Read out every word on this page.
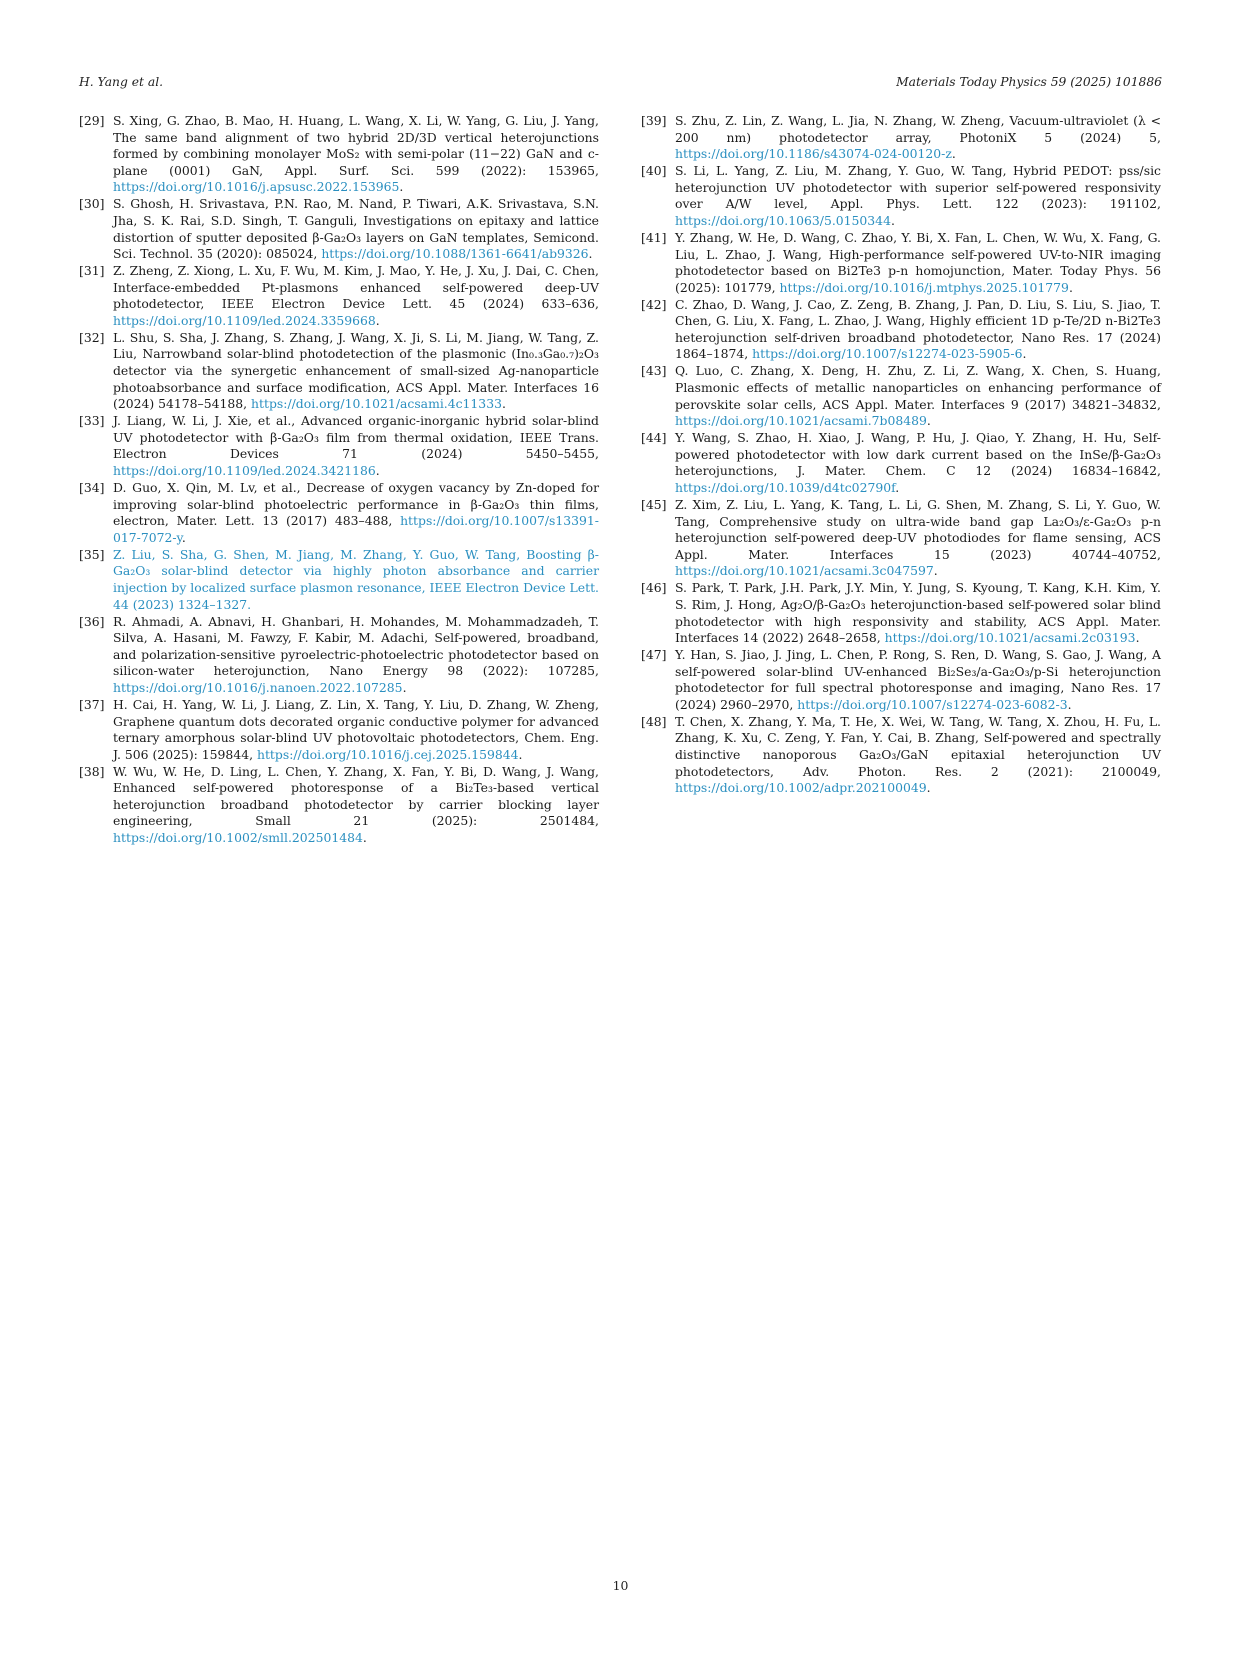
H. Yang et al.	Materials Today Physics 59 (2025) 101886
[29] S. Xing, G. Zhao, B. Mao, H. Huang, L. Wang, X. Li, W. Yang, G. Liu, J. Yang, The same band alignment of two hybrid 2D/3D vertical heterojunctions formed by combining monolayer MoS₂ with semi-polar (11−22) GaN and c-plane (0001) GaN, Appl. Surf. Sci. 599 (2022): 153965, https://doi.org/10.1016/j.apsusc.2022.153965.
[30] S. Ghosh, H. Srivastava, P.N. Rao, M. Nand, P. Tiwari, A.K. Srivastava, S.N. Jha, S. K. Rai, S.D. Singh, T. Ganguli, Investigations on epitaxy and lattice distortion of sputter deposited β-Ga₂O₃ layers on GaN templates, Semicond. Sci. Technol. 35 (2020): 085024, https://doi.org/10.1088/1361-6641/ab9326.
[31] Z. Zheng, Z. Xiong, L. Xu, F. Wu, M. Kim, J. Mao, Y. He, J. Xu, J. Dai, C. Chen, Interface-embedded Pt-plasmons enhanced self-powered deep-UV photodetector, IEEE Electron Device Lett. 45 (2024) 633–636, https://doi.org/10.1109/led.2024.3359668.
[32] L. Shu, S. Sha, J. Zhang, S. Zhang, J. Wang, X. Ji, S. Li, M. Jiang, W. Tang, Z. Liu, Narrowband solar-blind photodetection of the plasmonic (In₀.₃Ga₀.₇)₂O₃ detector via the synergetic enhancement of small-sized Ag-nanoparticle photoabsorbance and surface modification, ACS Appl. Mater. Interfaces 16 (2024) 54178–54188, https://doi.org/10.1021/acsami.4c11333.
[33] J. Liang, W. Li, J. Xie, et al., Advanced organic-inorganic hybrid solar-blind UV photodetector with β-Ga₂O₃ film from thermal oxidation, IEEE Trans. Electron Devices 71 (2024) 5450–5455, https://doi.org/10.1109/led.2024.3421186.
[34] D. Guo, X. Qin, M. Lv, et al., Decrease of oxygen vacancy by Zn-doped for improving solar-blind photoelectric performance in β-Ga₂O₃ thin films, electron, Mater. Lett. 13 (2017) 483–488, https://doi.org/10.1007/s13391-017-7072-y.
[35] Z. Liu, S. Sha, G. Shen, M. Jiang, M. Zhang, Y. Guo, W. Tang, Boosting β-Ga₂O₃ solar-blind detector via highly photon absorbance and carrier injection by localized surface plasmon resonance, IEEE Electron Device Lett. 44 (2023) 1324–1327.
[36] R. Ahmadi, A. Abnavi, H. Ghanbari, H. Mohandes, M. Mohammadzadeh, T. Silva, A. Hasani, M. Fawzy, F. Kabir, M. Adachi, Self-powered, broadband, and polarization-sensitive pyroelectric-photoelectric photodetector based on silicon-water heterojunction, Nano Energy 98 (2022): 107285, https://doi.org/10.1016/j.nanoen.2022.107285.
[37] H. Cai, H. Yang, W. Li, J. Liang, Z. Lin, X. Tang, Y. Liu, D. Zhang, W. Zheng, Graphene quantum dots decorated organic conductive polymer for advanced ternary amorphous solar-blind UV photovoltaic photodetectors, Chem. Eng. J. 506 (2025): 159844, https://doi.org/10.1016/j.cej.2025.159844.
[38] W. Wu, W. He, D. Ling, L. Chen, Y. Zhang, X. Fan, Y. Bi, D. Wang, J. Wang, Enhanced self-powered photoresponse of a Bi₂Te₃-based vertical heterojunction broadband photodetector by carrier blocking layer engineering, Small 21 (2025): 2501484, https://doi.org/10.1002/smll.202501484.
[39] S. Zhu, Z. Lin, Z. Wang, L. Jia, N. Zhang, W. Zheng, Vacuum-ultraviolet (λ < 200 nm) photodetector array, PhotoniX 5 (2024) 5, https://doi.org/10.1186/s43074-024-00120-z.
[40] S. Li, L. Yang, Z. Liu, M. Zhang, Y. Guo, W. Tang, Hybrid PEDOT: pss/sic heterojunction UV photodetector with superior self-powered responsivity over A/W level, Appl. Phys. Lett. 122 (2023): 191102, https://doi.org/10.1063/5.0150344.
[41] Y. Zhang, W. He, D. Wang, C. Zhao, Y. Bi, X. Fan, L. Chen, W. Wu, X. Fang, G. Liu, L. Zhao, J. Wang, High-performance self-powered UV-to-NIR imaging photodetector based on Bi2Te3 p-n homojunction, Mater. Today Phys. 56 (2025): 101779, https://doi.org/10.1016/j.mtphys.2025.101779.
[42] C. Zhao, D. Wang, J. Cao, Z. Zeng, B. Zhang, J. Pan, D. Liu, S. Liu, S. Jiao, T. Chen, G. Liu, X. Fang, L. Zhao, J. Wang, Highly efficient 1D p-Te/2D n-Bi2Te3 heterojunction self-driven broadband photodetector, Nano Res. 17 (2024) 1864–1874, https://doi.org/10.1007/s12274-023-5905-6.
[43] Q. Luo, C. Zhang, X. Deng, H. Zhu, Z. Li, Z. Wang, X. Chen, S. Huang, Plasmonic effects of metallic nanoparticles on enhancing performance of perovskite solar cells, ACS Appl. Mater. Interfaces 9 (2017) 34821–34832, https://doi.org/10.1021/acsami.7b08489.
[44] Y. Wang, S. Zhao, H. Xiao, J. Wang, P. Hu, J. Qiao, Y. Zhang, H. Hu, Self-powered photodetector with low dark current based on the InSe/β-Ga₂O₃ heterojunctions, J. Mater. Chem. C 12 (2024) 16834–16842, https://doi.org/10.1039/d4tc02790f.
[45] Z. Xim, Z. Liu, L. Yang, K. Tang, L. Li, G. Shen, M. Zhang, S. Li, Y. Guo, W. Tang, Comprehensive study on ultra-wide band gap La₂O₃/ε-Ga₂O₃ p-n heterojunction self-powered deep-UV photodiodes for flame sensing, ACS Appl. Mater. Interfaces 15 (2023) 40744–40752, https://doi.org/10.1021/acsami.3c047597.
[46] S. Park, T. Park, J.H. Park, J.Y. Min, Y. Jung, S. Kyoung, T. Kang, K.H. Kim, Y. S. Rim, J. Hong, Ag₂O/β-Ga₂O₃ heterojunction-based self-powered solar blind photodetector with high responsivity and stability, ACS Appl. Mater. Interfaces 14 (2022) 2648–2658, https://doi.org/10.1021/acsami.2c03193.
[47] Y. Han, S. Jiao, J. Jing, L. Chen, P. Rong, S. Ren, D. Wang, S. Gao, J. Wang, A self-powered solar-blind UV-enhanced Bi₂Se₃/a-Ga₂O₃/p-Si heterojunction photodetector for full spectral photoresponse and imaging, Nano Res. 17 (2024) 2960–2970, https://doi.org/10.1007/s12274-023-6082-3.
[48] T. Chen, X. Zhang, Y. Ma, T. He, X. Wei, W. Tang, W. Tang, X. Zhou, H. Fu, L. Zhang, K. Xu, C. Zeng, Y. Fan, Y. Cai, B. Zhang, Self-powered and spectrally distinctive nanoporous Ga₂O₃/GaN epitaxial heterojunction UV photodetectors, Adv. Photon. Res. 2 (2021): 2100049, https://doi.org/10.1002/adpr.202100049.
10
